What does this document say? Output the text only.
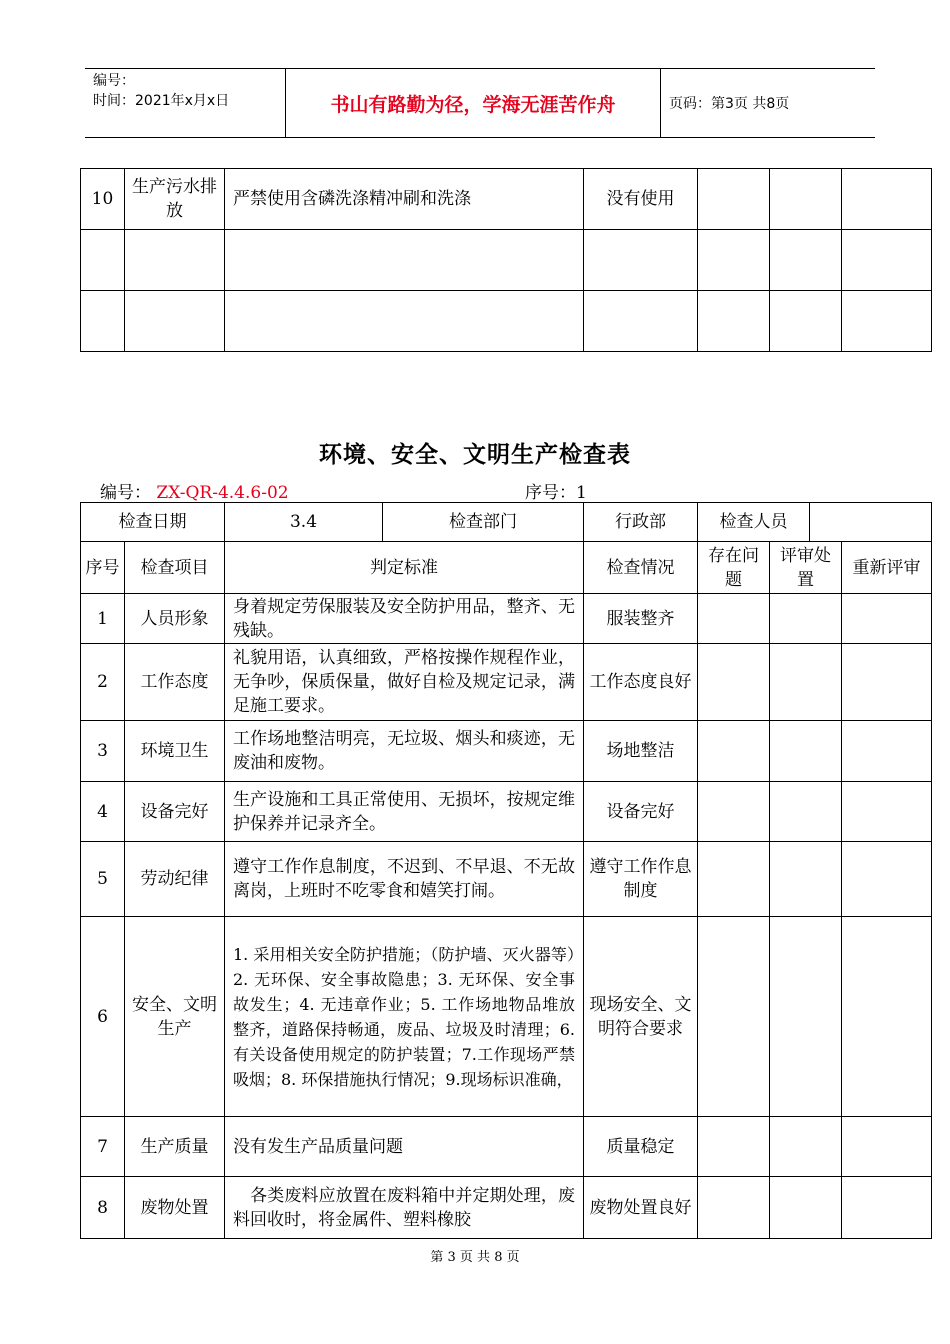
编号：
时间：2021年x月x日	书山有路勤为径，学海无涯苦作舟	页码：第3页 共8页
10	生产污水排放	严禁使用含磷洗涤精冲刷和洗涤	没有使用			

环境、安全、文明生产检查表
编号： ZX-QR-4.4.6-02	序号：1
检查日期		3.4	检查部门	行政部	检查人员			
序号	检查项目	判定标准		检查情况	存在问题	评审处置		重新评审
1	人员形象	身着规定劳保服装及安全防护用品，整齐、无残缺。		服装整齐				
2	工作态度	礼貌用语，认真细致，严格按操作规程作业，无争吵，保质保量，做好自检及规定记录，满足施工要求。		工作态度良好				
3	环境卫生	工作场地整洁明亮，无垃圾、烟头和痰迹，无废油和废物。		场地整洁				
4	设备完好	生产设施和工具正常使用、无损坏，按规定维护保养并记录齐全。		设备完好				
5	劳动纪律	遵守工作作息制度，不迟到、不早退、不无故离岗，上班时不吃零食和嬉笑打闹。		遵守工作作息制度				
6	安全、文明生产	1. 采用相关安全防护措施；（防护墙、灭火器等）2. 无环保、安全事故隐患；3. 无环保、安全事故发生；4. 无违章作业；5. 工作场地物品堆放整齐，道路保持畅通，废品、垃圾及时清理；6. 有关设备使用规定的防护装置；7.工作现场严禁吸烟；8. 环保措施执行情况；9.现场标识准确，		现场安全、文明符合要求				
7	生产质量	没有发生产品质量问题		质量稳定				
8	废物处置	　各类废料应放置在废料箱中并定期处理，废料回收时，将金属件、塑料橡胶		废物处置良好				
第 3 页 共 8 页
